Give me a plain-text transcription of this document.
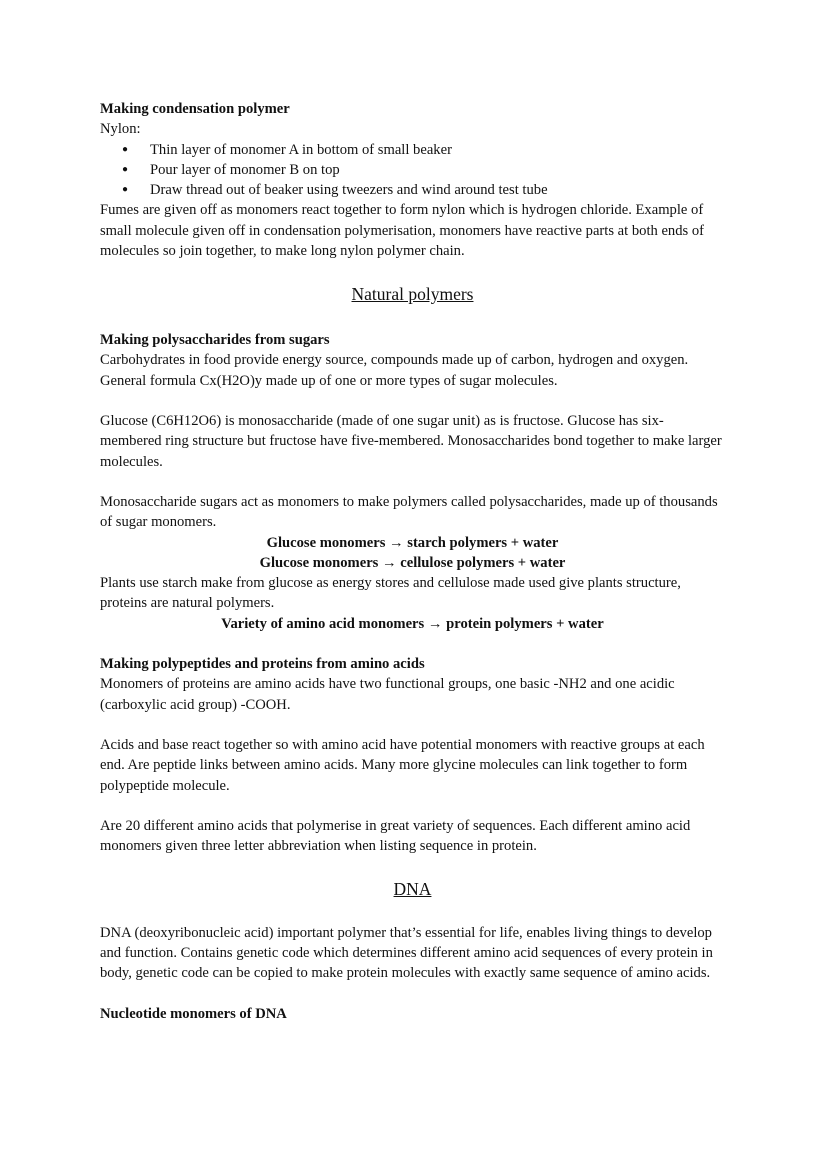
Making condensation polymer

Nylon:

● Thin layer of monomer A in bottom of small beaker
● Pour layer of monomer B on top
● Draw thread out of beaker using tweezers and wind around test tube

Fumes are given off as monomers react together to form nylon which is hydrogen chloride. Example of small molecule given off in condensation polymerisation, monomers have reactive parts at both ends of molecules so join together, to make long nylon polymer chain.

Natural polymers

Making polysaccharides from sugars

Carbohydrates in food provide energy source, compounds made up of carbon, hydrogen and oxygen. General formula Cx(H2O)y made up of one or more types of sugar molecules.

Glucose (C6H12O6) is monosaccharide (made of one sugar unit) as is fructose. Glucose has six-membered ring structure but fructose have five-membered. Monosaccharides bond together to make larger molecules.

Monosaccharide sugars act as monomers to make polymers called polysaccharides, made up of thousands of sugar monomers.

Glucose monomers → starch polymers + water

Glucose monomers → cellulose polymers + water

Plants use starch make from glucose as energy stores and cellulose made used give plants structure, proteins are natural polymers.

Variety of amino acid monomers → protein polymers + water

Making polypeptides and proteins from amino acids

Monomers of proteins are amino acids have two functional groups, one basic -NH2 and one acidic (carboxylic acid group) -COOH.

Acids and base react together so with amino acid have potential monomers with reactive groups at each end. Are peptide links between amino acids. Many more glycine molecules can link together to form polypeptide molecule.

Are 20 different amino acids that polymerise in great variety of sequences. Each different amino acid monomers given three letter abbreviation when listing sequence in protein.

DNA

DNA (deoxyribonucleic acid) important polymer that’s essential for life, enables living things to develop and function. Contains genetic code which determines different amino acid sequences of every protein in body, genetic code can be copied to make protein molecules with exactly same sequence of amino acids.

Nucleotide monomers of DNA
